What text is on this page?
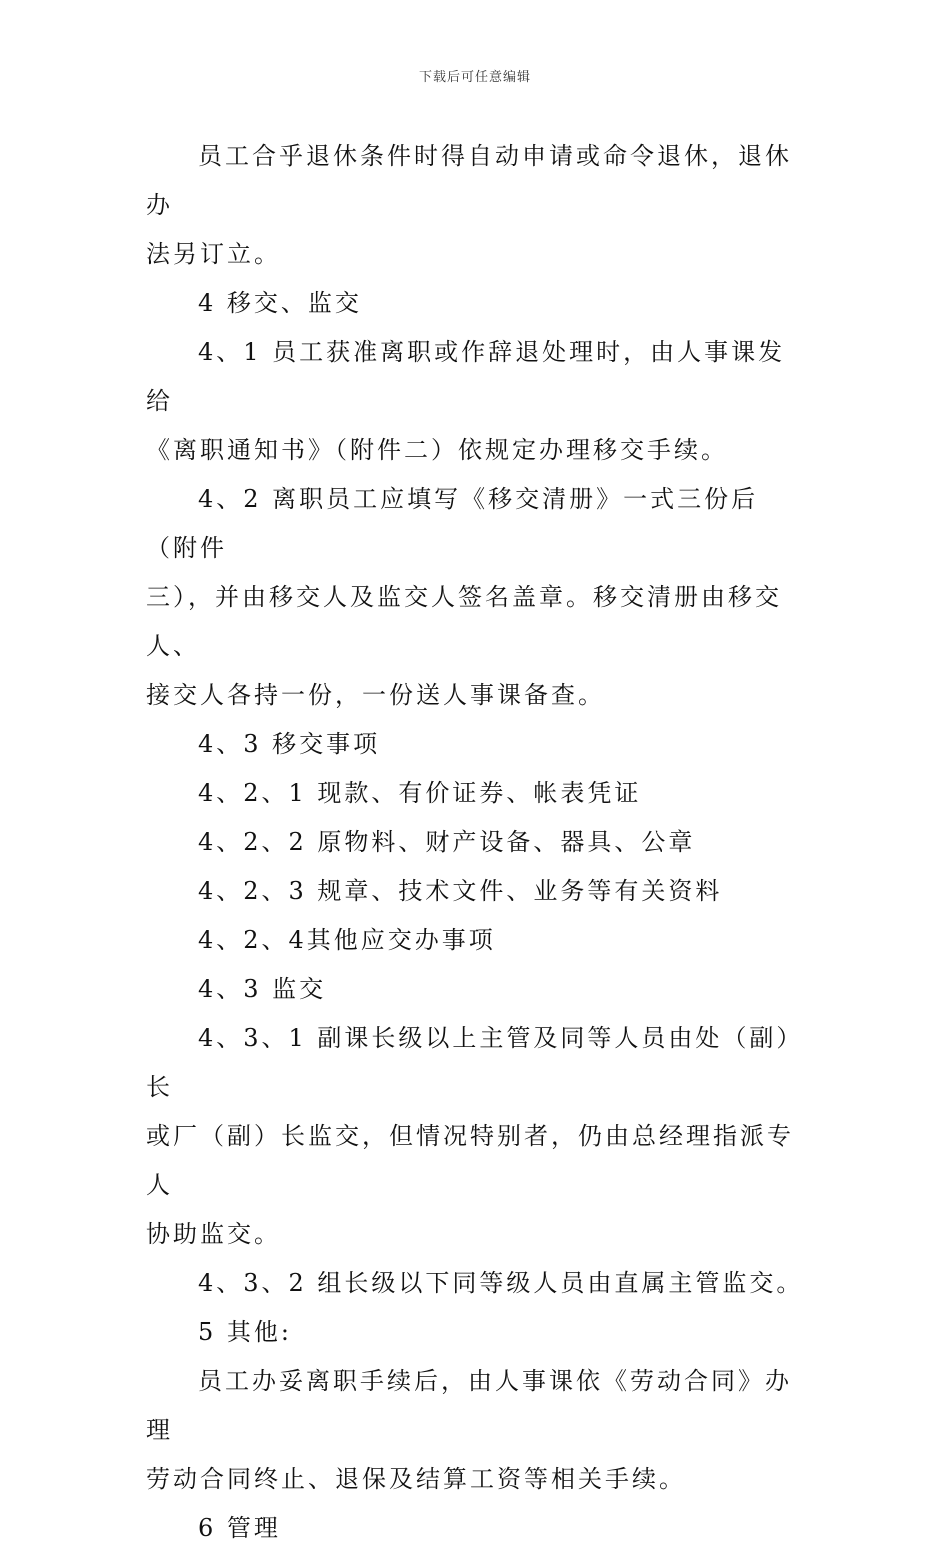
下载后可任意编辑

员工合乎退休条件时得自动申请或命令退休，退休办

法另订立。

4 移交、监交

4、1 员工获准离职或作辞退处理时，由人事课发给

《离职通知书》（附件二）依规定办理移交手续。

4、2 离职员工应填写《移交清册》一式三份后（附件

三），并由移交人及监交人签名盖章。移交清册由移交人、

接交人各持一份，一份送人事课备查。

4、3 移交事项

4、2、1 现款、有价证券、帐表凭证

4、2、2 原物料、财产设备、器具、公章

4、2、3 规章、技术文件、业务等有关资料

4、2、4其他应交办事项

4、3 监交

4、3、1 副课长级以上主管及同等人员由处（副）长

或厂（副）长监交，但情况特别者，仍由总经理指派专人

协助监交。

4、3、2 组长级以下同等级人员由直属主管监交。

5 其他:

员工办妥离职手续后，由人事课依《劳动合同》办理

劳动合同终止、退保及结算工资等相关手续。

6 管理
